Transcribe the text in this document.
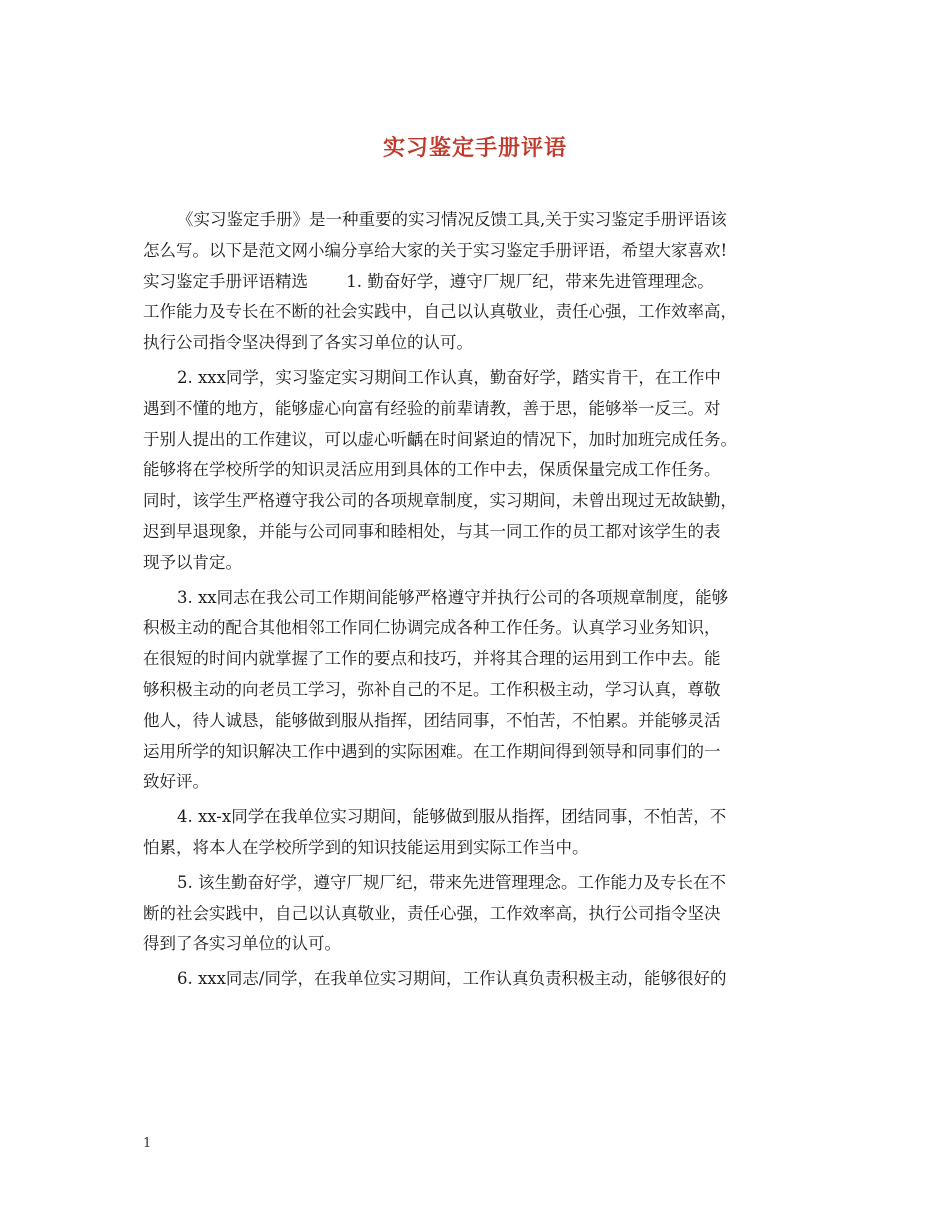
实习鉴定手册评语
《实习鉴定手册》是一种重要的实习情况反馈工具,关于实习鉴定手册评语该
怎么写。以下是范文网小编分享给大家的关于实习鉴定手册评语，希望大家喜欢!
实习鉴定手册评语精选　　 1. 勤奋好学，遵守厂规厂纪，带来先进管理理念。
工作能力及专长在不断的社会实践中，自己以认真敬业，责任心强，工作效率高，
执行公司指令坚决得到了各实习单位的认可。
2. xxx同学，实习鉴定实习期间工作认真，勤奋好学，踏实肯干，在工作中
遇到不懂的地方，能够虚心向富有经验的前辈请教，善于思，能够举一反三。对
于别人提出的工作建议，可以虚心听齲在时间紧迫的情况下，加时加班完成任务。
能够将在学校所学的知识灵活应用到具体的工作中去，保质保量完成工作任务。
同时，该学生严格遵守我公司的各项规章制度，实习期间，未曾出现过无故缺勤，
迟到早退现象，并能与公司同事和睦相处，与其一同工作的员工都对该学生的表
现予以肯定。
3. xx同志在我公司工作期间能够严格遵守并执行公司的各项规章制度，能够
积极主动的配合其他相邻工作同仁协调完成各种工作任务。认真学习业务知识，
在很短的时间内就掌握了工作的要点和技巧，并将其合理的运用到工作中去。能
够积极主动的向老员工学习，弥补自己的不足。工作积极主动，学习认真，尊敬
他人，待人诚恳，能够做到服从指挥，团结同事，不怕苦，不怕累。并能够灵活
运用所学的知识解决工作中遇到的实际困难。在工作期间得到领导和同事们的一
致好评。
4. xx-x同学在我单位实习期间，能够做到服从指挥，团结同事，不怕苦，不
怕累，将本人在学校所学到的知识技能运用到实际工作当中。
5. 该生勤奋好学，遵守厂规厂纪，带来先进管理理念。工作能力及专长在不
断的社会实践中，自己以认真敬业，责任心强，工作效率高，执行公司指令坚决
得到了各实习单位的认可。
6. xxx同志/同学，在我单位实习期间，工作认真负责积极主动，能够很好的
1
